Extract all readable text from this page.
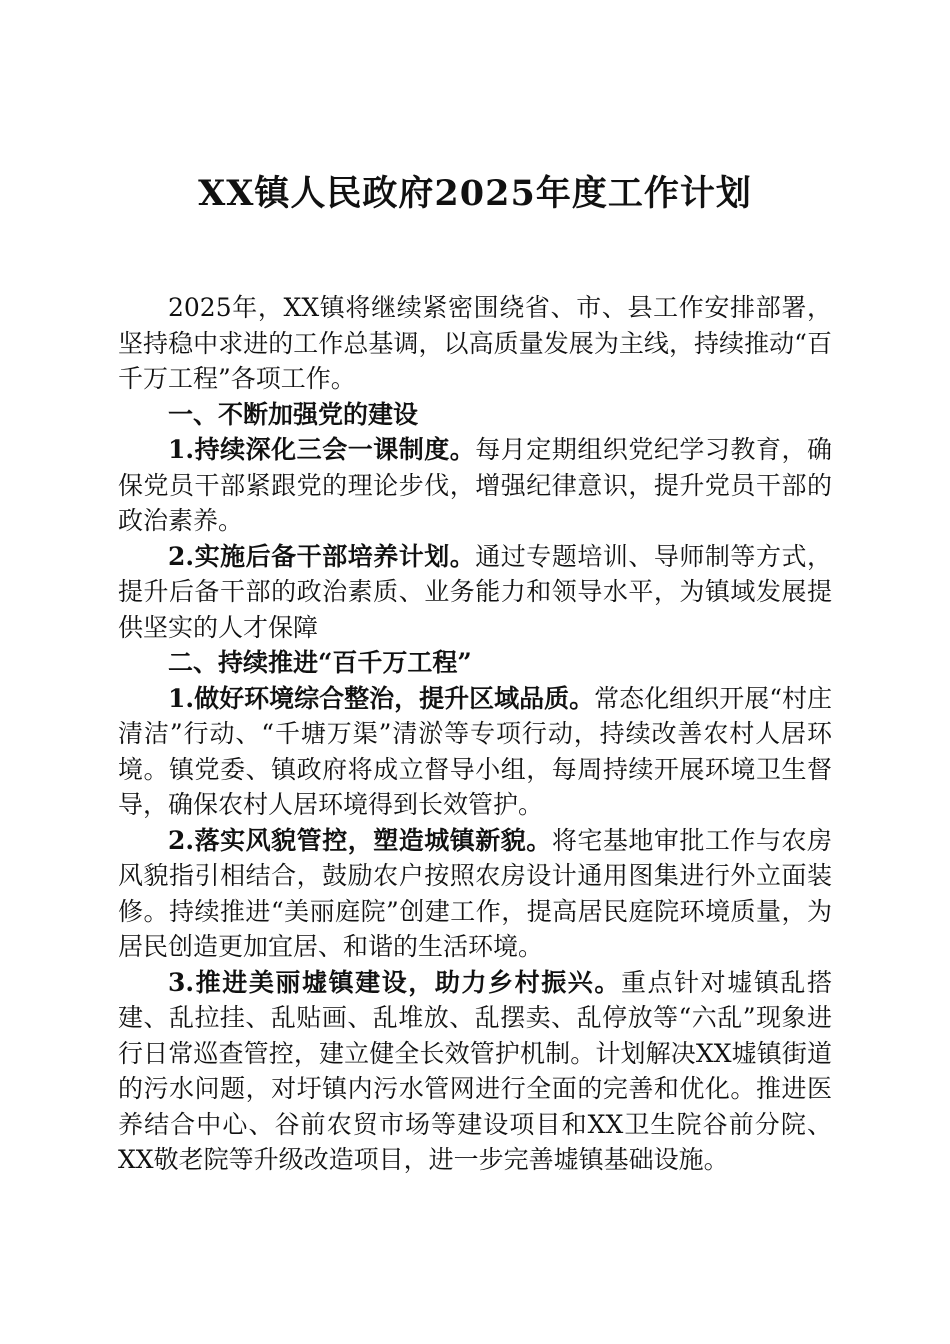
XX镇人民政府2025年度工作计划

2025年，XX镇将继续紧密围绕省、市、县工作安排部署，坚持稳中求进的工作总基调，以高质量发展为主线，持续推动“百千万工程”各项工作。

一、不断加强党的建设

1.持续深化三会一课制度。每月定期组织党纪学习教育，确保党员干部紧跟党的理论步伐，增强纪律意识，提升党员干部的政治素养。

2.实施后备干部培养计划。通过专题培训、导师制等方式，提升后备干部的政治素质、业务能力和领导水平，为镇域发展提供坚实的人才保障

二、持续推进“百千万工程”

1.做好环境综合整治，提升区域品质。常态化组织开展“村庄清洁”行动、“千塘万渠”清淤等专项行动，持续改善农村人居环境。镇党委、镇政府将成立督导小组，每周持续开展环境卫生督导，确保农村人居环境得到长效管护。

2.落实风貌管控，塑造城镇新貌。将宅基地审批工作与农房风貌指引相结合，鼓励农户按照农房设计通用图集进行外立面装修。持续推进“美丽庭院”创建工作，提高居民庭院环境质量，为居民创造更加宜居、和谐的生活环境。

3.推进美丽墟镇建设，助力乡村振兴。重点针对墟镇乱搭建、乱拉挂、乱贴画、乱堆放、乱摆卖、乱停放等“六乱”现象进行日常巡查管控，建立健全长效管护机制。计划解决XX墟镇街道的污水问题，对圩镇内污水管网进行全面的完善和优化。推进医养结合中心、谷前农贸市场等建设项目和XX卫生院谷前分院、XX敬老院等升级改造项目，进一步完善墟镇基础设施。
